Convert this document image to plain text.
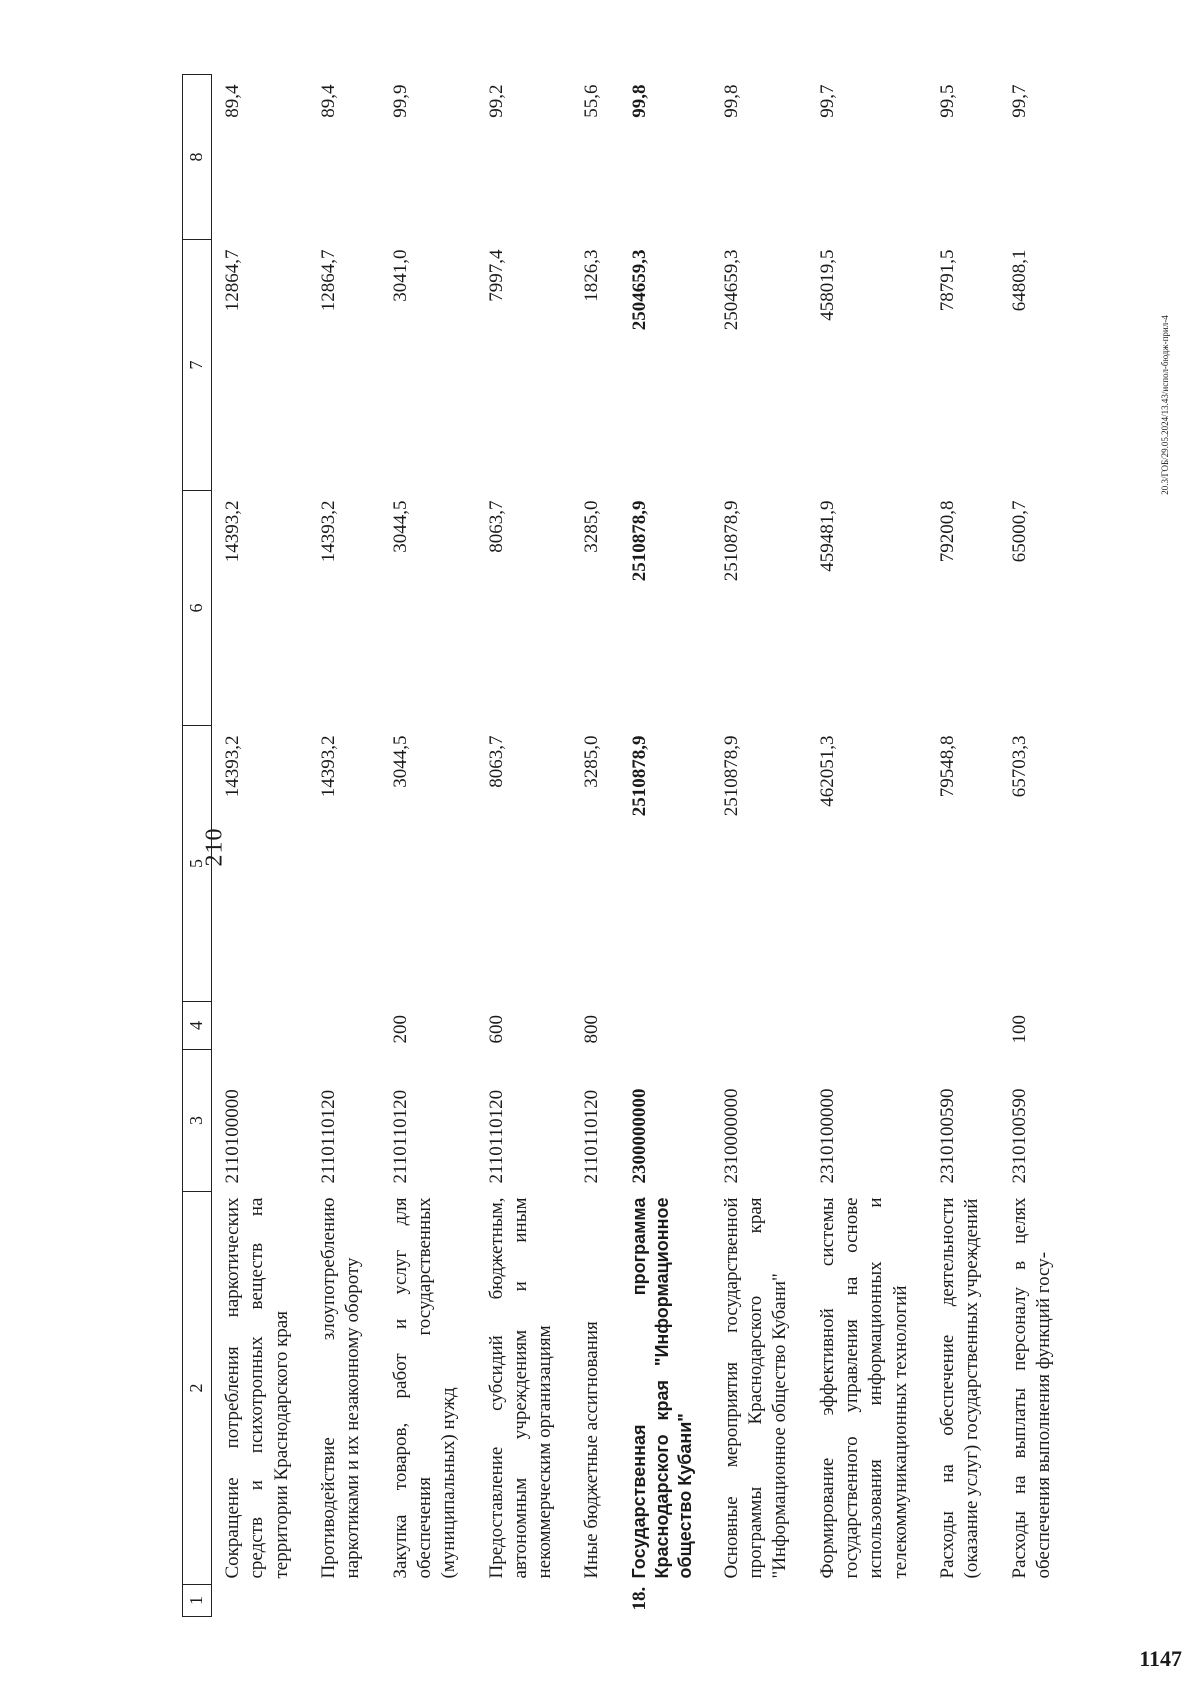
210
20.3/ГОБ/29.05.2024/13.43/испол-бюдж-прил-4
1147
1	2	3	4	5	6	7	8
	Сокращение потребления наркотических средств и психотропных веществ на территории Краснодарского края	2110100000		14393,2	14393,2	12864,7	89,4
	Противодействие злоупотреблению наркотиками и их незаконному обороту	2110110120		14393,2	14393,2	12864,7	89,4
	Закупка товаров, работ и услуг для обеспечения государственных (муниципальных) нужд	2110110120	200	3044,5	3044,5	3041,0	99,9
	Предоставление субсидий бюджетным, автономным учреждениям и иным некоммерческим организациям	2110110120	600	8063,7	8063,7	7997,4	99,2
	Иные бюджетные ассигнования	2110110120	800	3285,0	3285,0	1826,3	55,6
18.	Государственная программа Краснодарского края "Информационное общество Кубани"	2300000000		2510878,9	2510878,9	2504659,3	99,8
	Основные мероприятия государственной программы Краснодарского края "Информационное общество Кубани"	2310000000		2510878,9	2510878,9	2504659,3	99,8
	Формирование эффективной системы государственного управления на основе использования информационных и телекоммуникационных технологий	2310100000		462051,3	459481,9	458019,5	99,7
	Расходы на обеспечение деятельности (оказание услуг) государственных учреждений	2310100590		79548,8	79200,8	78791,5	99,5
	Расходы на выплаты персоналу в целях обеспечения выполнения функций госу-	2310100590	100	65703,3	65000,7	64808,1	99,7
